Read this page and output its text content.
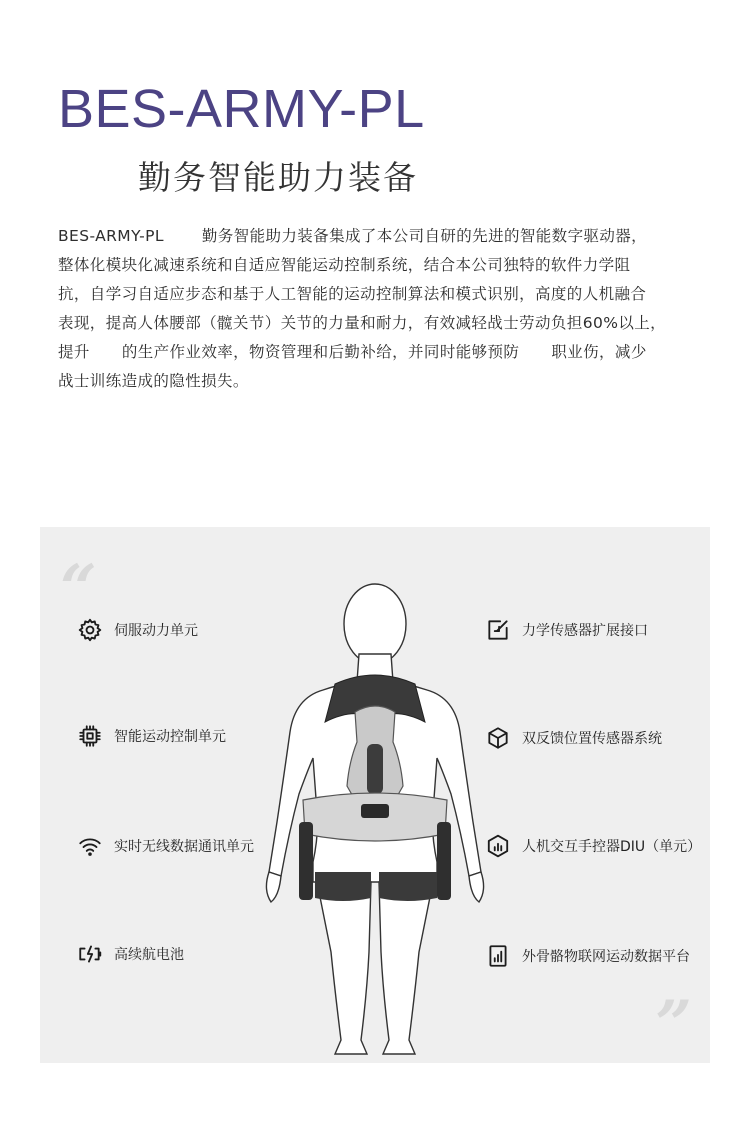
BES-ARMY-PL
勤务智能助力装备

BES-ARMY-PL 勤务智能助力装备集成了本公司自研的先进的智能数字驱动器，

整体化模块化减速系统和自适应智能运动控制系统，结合本公司独特的软件力学阻

抗，自学习自适应步态和基于人工智能的运动控制算法和模式识别，高度的人机融合

表现，提高人体腰部（髋关节）关节的力量和耐力，有效减轻战士劳动负担60%以上，

提升 的生产作业效率，物资管理和后勤补给，并同时能够预防 职业伤，减少

战士训练造成的隐性损失。

“
”
伺服动力单元
智能运动控制单元
实时无线数据通讯单元
高续航电池
力学传感器扩展接口
双反馈位置传感器系统
人机交互手控器DIU（单元）
外骨骼物联网运动数据平台
